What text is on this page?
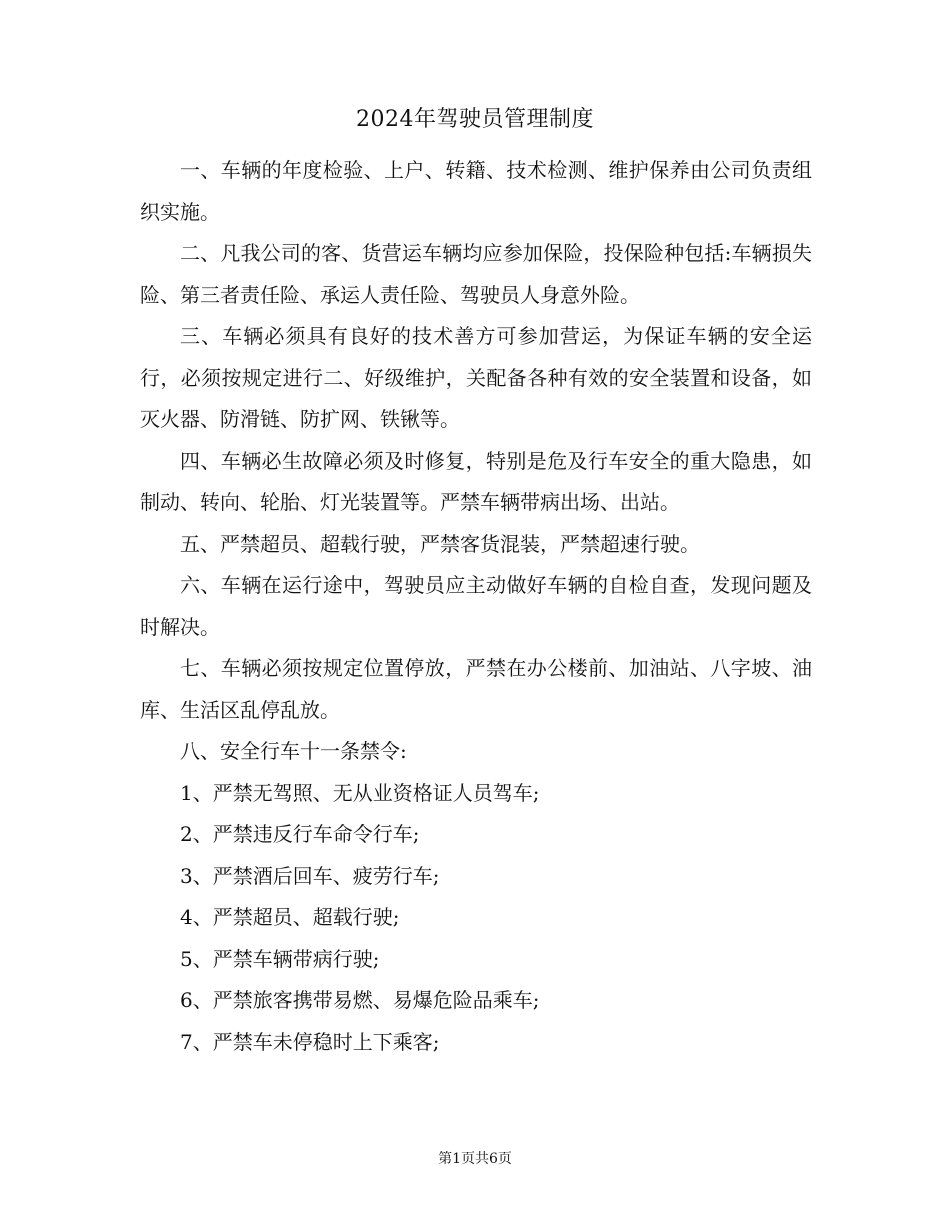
2024年驾驶员管理制度

一、车辆的年度检验、上户、转籍、技术检测、维护保养由公司负责组织实施。

二、凡我公司的客、货营运车辆均应参加保险，投保险种包括:车辆损失险、第三者责任险、承运人责任险、驾驶员人身意外险。

三、车辆必须具有良好的技术善方可参加营运，为保证车辆的安全运行，必须按规定进行二、好级维护，关配备各种有效的安全装置和设备，如灭火器、防滑链、防扩网、铁锹等。

四、车辆必生故障必须及时修复，特别是危及行车安全的重大隐患，如制动、转向、轮胎、灯光装置等。严禁车辆带病出场、出站。

五、严禁超员、超载行驶，严禁客货混装，严禁超速行驶。

六、车辆在运行途中，驾驶员应主动做好车辆的自检自查，发现问题及时解决。

七、车辆必须按规定位置停放，严禁在办公楼前、加油站、八字坡、油库、生活区乱停乱放。

八、安全行车十一条禁令:

1、严禁无驾照、无从业资格证人员驾车;

2、严禁违反行车命令行车;

3、严禁酒后回车、疲劳行车;

4、严禁超员、超载行驶;

5、严禁车辆带病行驶;

6、严禁旅客携带易燃、易爆危险品乘车;

7、严禁车未停稳时上下乘客;

第1页共6页
